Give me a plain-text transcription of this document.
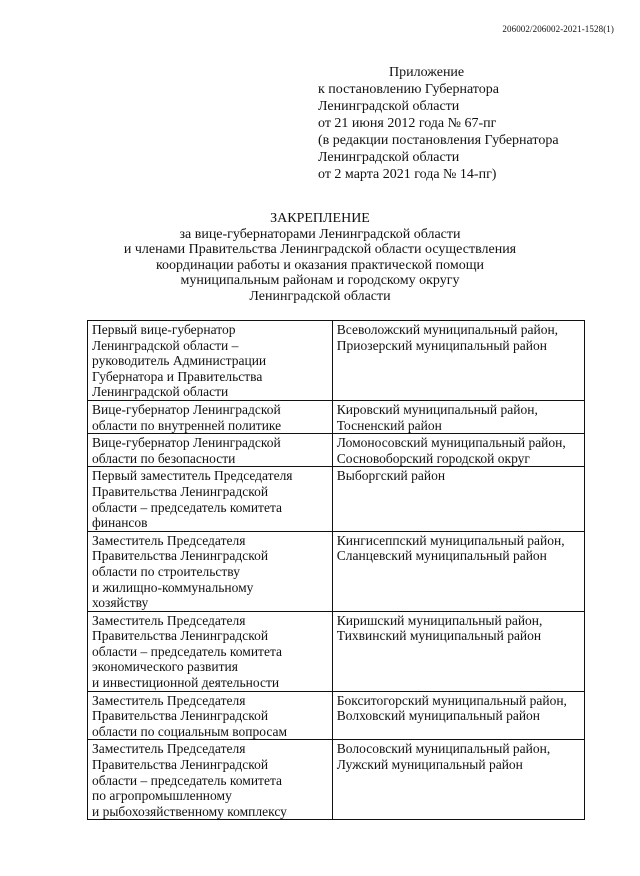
206002/206002-2021-1528(1)
Приложение
к постановлению Губернатора
Ленинградской области
от 21 июня 2012 года № 67-пг
(в редакции постановления Губернатора
Ленинградской области
от 2 марта 2021 года № 14-пг)
ЗАКРЕПЛЕНИЕ
за вице-губернаторами Ленинградской области
и членами Правительства Ленинградской области осуществления
координации работы и оказания практической помощи
муниципальным районам и городскому округу
Ленинградской области
Первый вице-губернатор
Ленинградской области –
руководитель Администрации
Губернатора и Правительства
Ленинградской области	Всеволожский муниципальный район,
Приозерский муниципальный район

Вице-губернатор Ленинградской
области по внутренней политике	Кировский муниципальный район,
Тосненский район

Вице-губернатор Ленинградской
области по безопасности	Ломоносовский муниципальный район,
Сосновоборский городской округ

Первый заместитель Председателя
Правительства Ленинградской
области – председатель комитета
финансов	Выборгский район

Заместитель Председателя
Правительства Ленинградской
области по строительству
и жилищно-коммунальному
хозяйству	Кингисеппский муниципальный район,
Сланцевский муниципальный район

Заместитель Председателя
Правительства Ленинградской
области – председатель комитета
экономического развития
и инвестиционной деятельности	Киришский муниципальный район,
Тихвинский муниципальный район

Заместитель Председателя
Правительства Ленинградской
области по социальным вопросам	Бокситогорский муниципальный район,
Волховский муниципальный район

Заместитель Председателя
Правительства Ленинградской
области – председатель комитета
по агропромышленному
и рыбохозяйственному комплексу	Волосовский муниципальный район,
Лужский муниципальный район
